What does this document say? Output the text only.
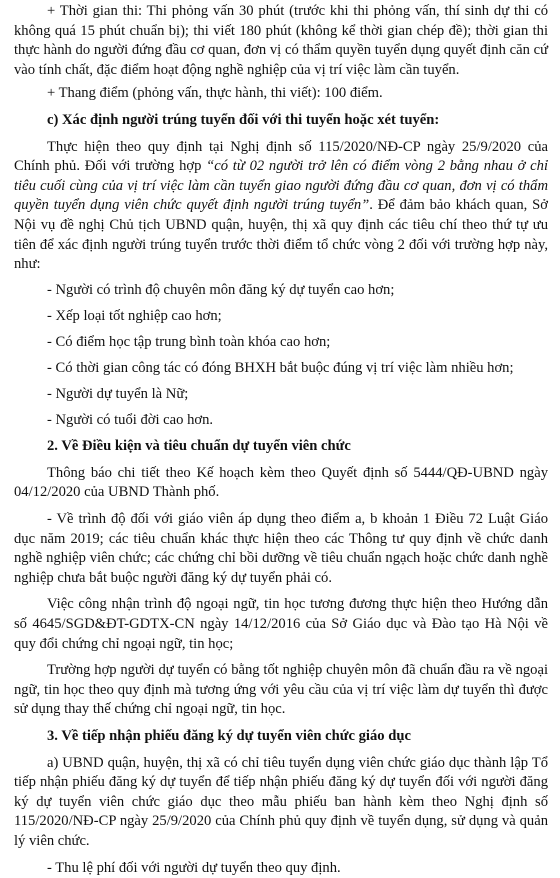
+ Thời gian thi: Thi phỏng vấn 30 phút (trước khi thi phỏng vấn, thí sinh dự thi có không quá 15 phút chuẩn bị); thi viết 180 phút (không kể thời gian chép đề); thời gian thi thực hành do người đứng đầu cơ quan, đơn vị có thẩm quyền tuyển dụng quyết định căn cứ vào tính chất, đặc điểm hoạt động nghề nghiệp của vị trí việc làm cần tuyển.

+ Thang điểm (phỏng vấn, thực hành, thi viết): 100 điểm.

c) Xác định người trúng tuyển đối với thi tuyển hoặc xét tuyển:

Thực hiện theo quy định tại Nghị định số 115/2020/NĐ-CP ngày 25/9/2020 của Chính phủ. Đối với trường hợp “có từ 02 người trở lên có điểm vòng 2 bằng nhau ở chỉ tiêu cuối cùng của vị trí việc làm cần tuyển giao người đứng đầu cơ quan, đơn vị có thẩm quyền tuyển dụng viên chức quyết định người trúng tuyển”. Để đảm bảo khách quan, Sở Nội vụ đề nghị Chủ tịch UBND quận, huyện, thị xã quy định các tiêu chí theo thứ tự ưu tiên để xác định người trúng tuyển trước thời điểm tổ chức vòng 2 đối với trường hợp này, như:

- Người có trình độ chuyên môn đăng ký dự tuyển cao hơn;

- Xếp loại tốt nghiệp cao hơn;

- Có điểm học tập trung bình toàn khóa cao hơn;

- Có thời gian công tác có đóng BHXH bắt buộc đúng vị trí việc làm nhiều hơn;

- Người dự tuyển là Nữ;

- Người có tuổi đời cao hơn.

2. Về Điều kiện và tiêu chuẩn dự tuyển viên chức

Thông báo chi tiết theo Kế hoạch kèm theo Quyết định số 5444/QĐ-UBND ngày 04/12/2020 của UBND Thành phố.

- Về trình độ đối với giáo viên áp dụng theo điểm a, b khoản 1 Điều 72 Luật Giáo dục năm 2019; các tiêu chuẩn khác thực hiện theo các Thông tư quy định về chức danh nghề nghiệp viên chức; các chứng chỉ bồi dưỡng về tiêu chuẩn ngạch hoặc chức danh nghề nghiệp chưa bắt buộc người đăng ký dự tuyển phải có.

Việc công nhận trình độ ngoại ngữ, tin học tương đương thực hiện theo Hướng dẫn số 4645/SGD&ĐT-GDTX-CN ngày 14/12/2016 của Sở Giáo dục và Đào tạo Hà Nội về quy đổi chứng chỉ ngoại ngữ, tin học;

Trường hợp người dự tuyển có bằng tốt nghiệp chuyên môn đã chuẩn đầu ra về ngoại ngữ, tin học theo quy định mà tương ứng với yêu cầu của vị trí việc làm dự tuyển thì được sử dụng thay thế chứng chỉ ngoại ngữ, tin học.

3. Về tiếp nhận phiếu đăng ký dự tuyển viên chức giáo dục

a) UBND quận, huyện, thị xã có chỉ tiêu tuyển dụng viên chức giáo dục thành lập Tổ tiếp nhận phiếu đăng ký dự tuyển để tiếp nhận phiếu đăng ký dự tuyển đối với người đăng ký dự tuyển viên chức giáo dục theo mẫu phiếu ban hành kèm theo Nghị định số 115/2020/NĐ-CP ngày 25/9/2020 của Chính phủ quy định về tuyển dụng, sử dụng và quản lý viên chức.

- Thu lệ phí đối với người dự tuyển theo quy định.
